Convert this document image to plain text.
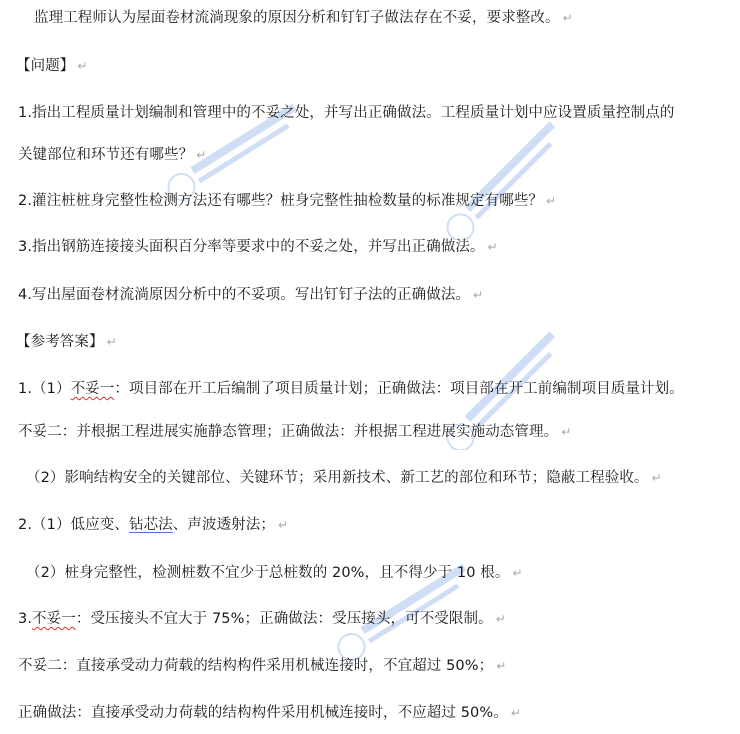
监理工程师认为屋面卷材流淌现象的原因分析和钉钉子做法存在不妥，要求整改。 ↵
【问题】 ↵
1.指出工程质量计划编制和管理中的不妥之处，并写出正确做法。工程质量计划中应设置质量控制点的
关键部位和环节还有哪些？ ↵
2.灌注桩桩身完整性检测方法还有哪些？桩身完整性抽检数量的标准规定有哪些？ ↵
3.指出钢筋连接接头面积百分率等要求中的不妥之处，并写出正确做法。 ↵
4.写出屋面卷材流淌原因分析中的不妥项。写出钉钉子法的正确做法。 ↵
【参考答案】 ↵
1.（1）不妥一：项目部在开工后编制了项目质量计划；正确做法：项目部在开工前编制项目质量计划。
不妥二：并根据工程进展实施静态管理；正确做法：并根据工程进展实施动态管理。 ↵
（2）影响结构安全的关键部位、关键环节；采用新技术、新工艺的部位和环节；隐蔽工程验收。 ↵
2.（1）低应变、钻芯法、声波透射法； ↵
（2）桩身完整性，检测桩数不宜少于总桩数的 20%，且不得少于 10 根。 ↵
3.不妥一：受压接头不宜大于 75%；正确做法：受压接头，可不受限制。 ↵
不妥二：直接承受动力荷载的结构构件采用机械连接时，不宜超过 50%； ↵
正确做法：直接承受动力荷载的结构构件采用机械连接时，不应超过 50%。 ↵
